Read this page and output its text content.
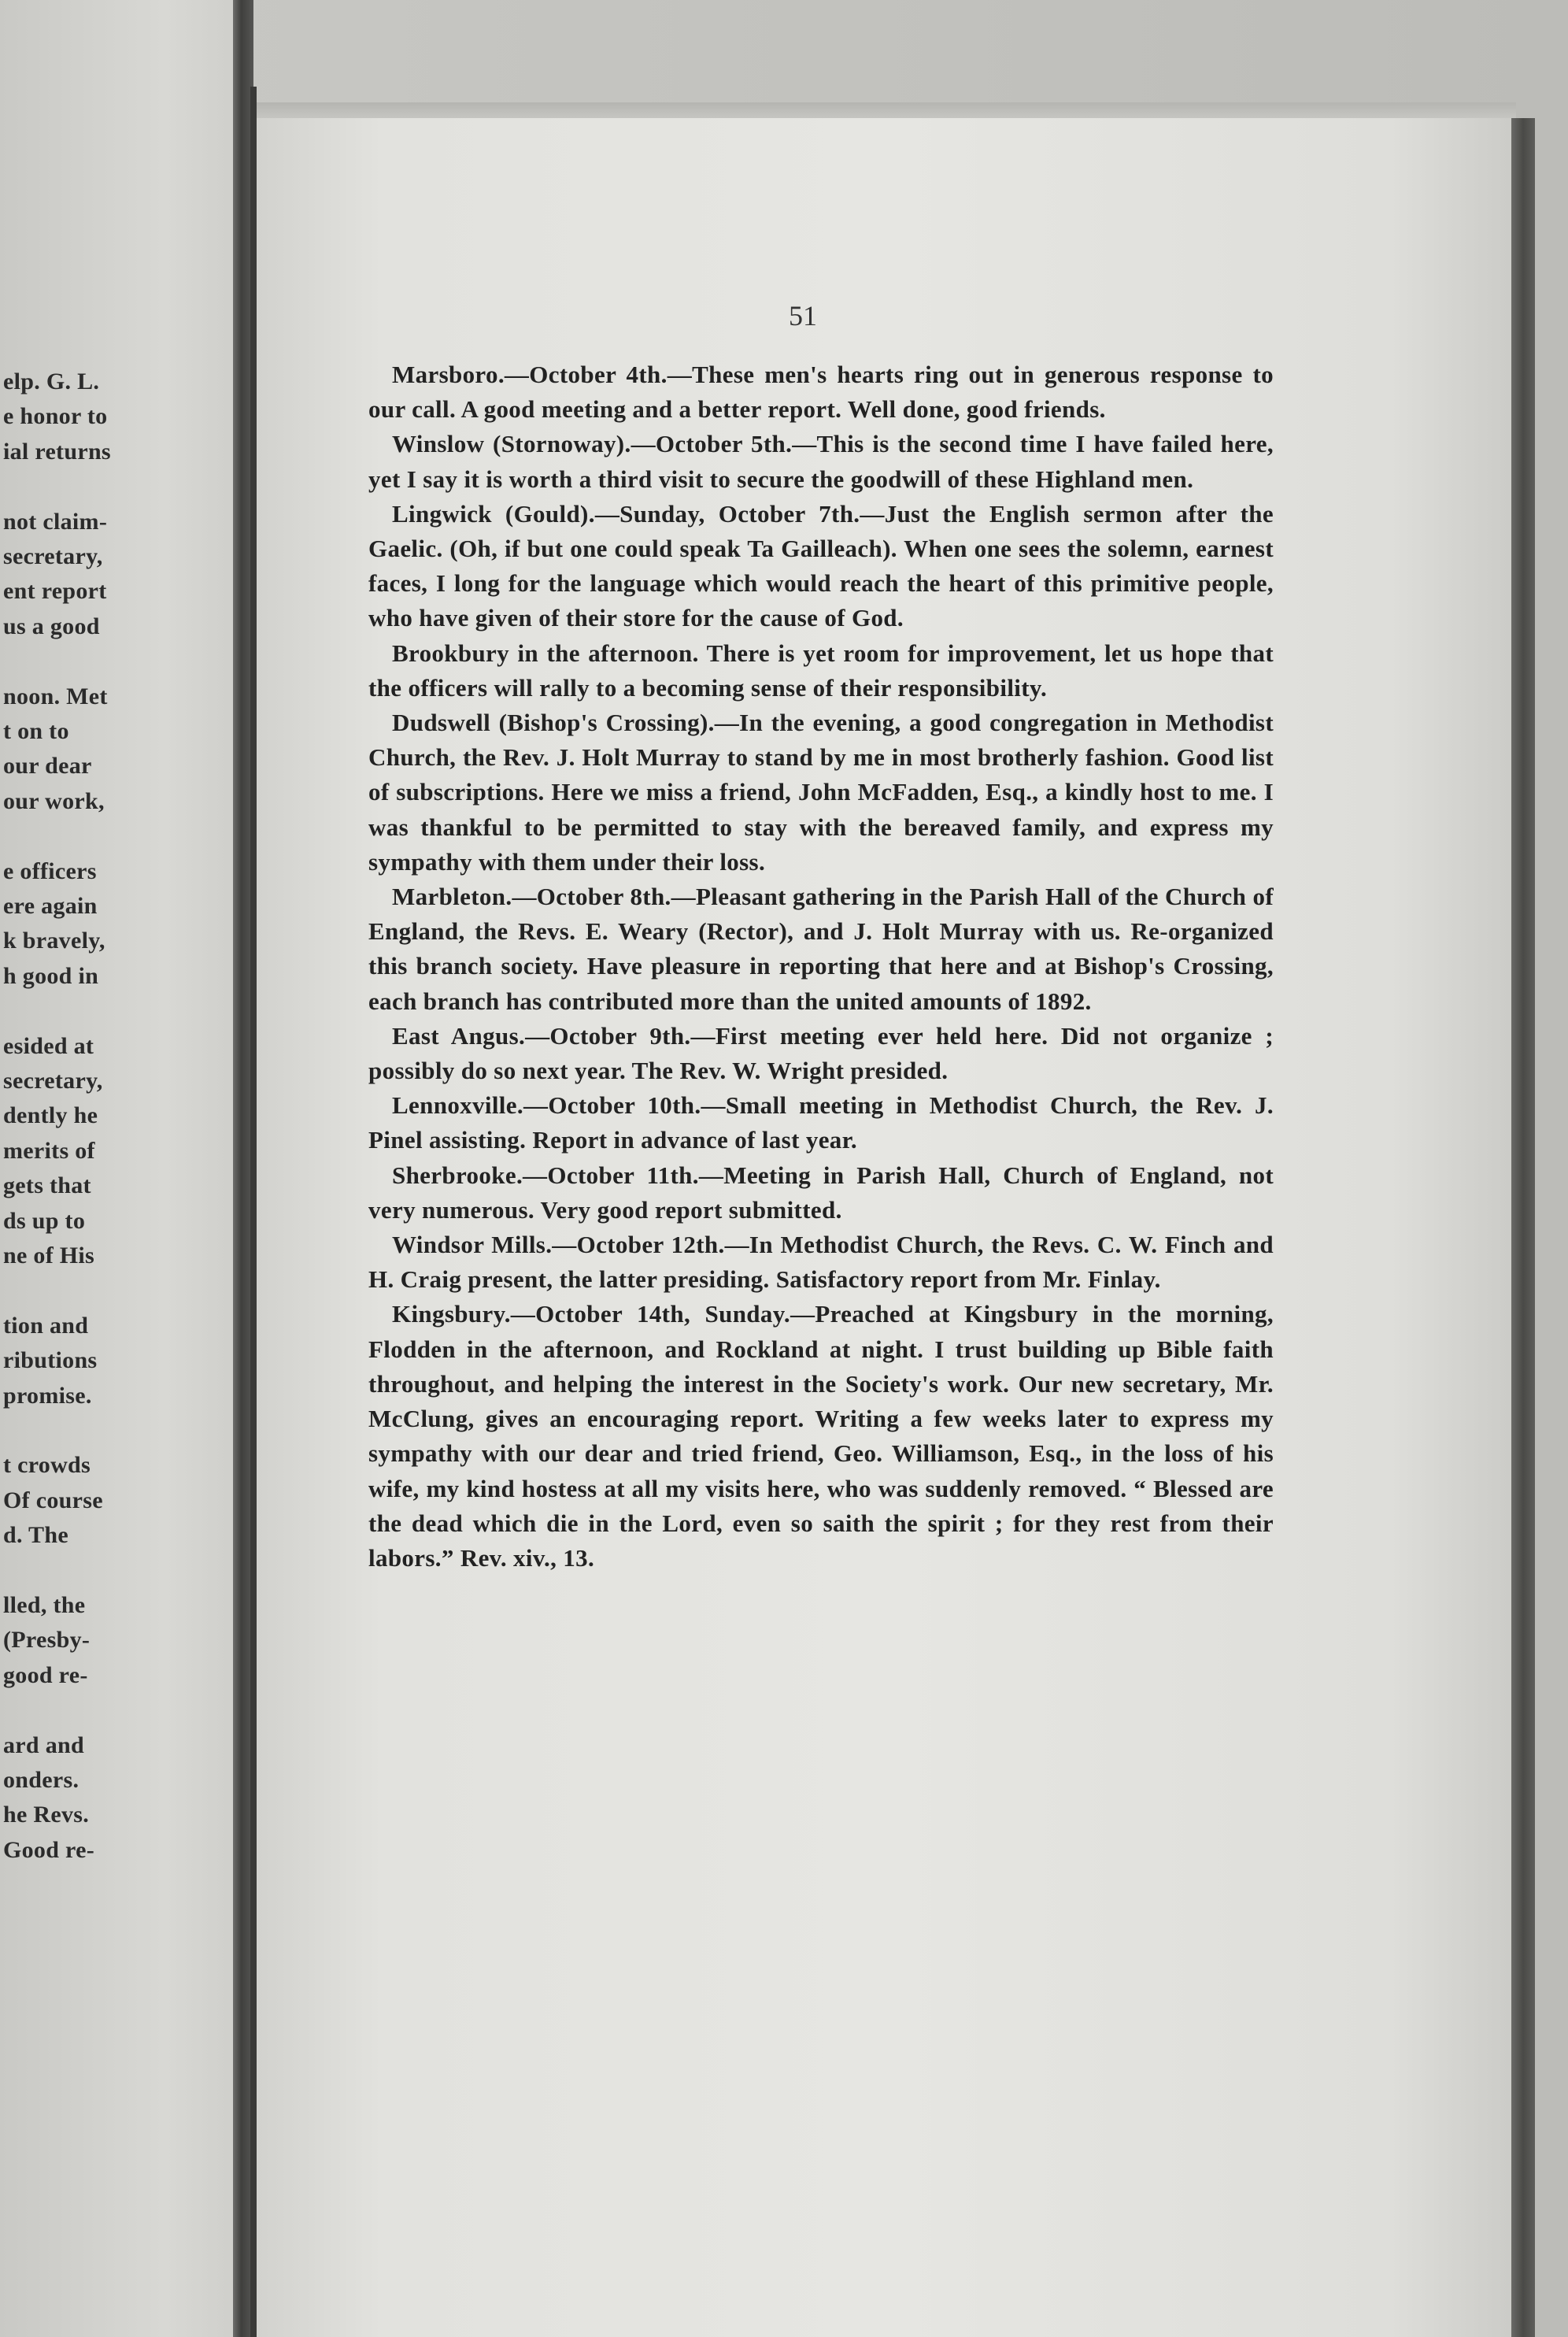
elp. G. L.
e honor to
ial returns
not claim-
secretary,
ent report
us a good
noon. Met
t on to
our dear
our work,
e officers
ere again
k bravely,
h good in
esided at
secretary,
dently he
merits of
gets that
ds up to
ne of His
tion and
ributions
promise.
t crowds
Of course
d. The
lled, the
(Presby-
good re-
ard and
onders.
he Revs.
Good re-
51

Marsboro.—October 4th.—These men's hearts ring out in generous response to our call. A good meeting and a better report. Well done, good friends.

Winslow (Stornoway).—October 5th.—This is the second time I have failed here, yet I say it is worth a third visit to secure the goodwill of these Highland men.

Lingwick (Gould).—Sunday, October 7th.—Just the English sermon after the Gaelic. (Oh, if but one could speak Ta Gailleach). When one sees the solemn, earnest faces, I long for the language which would reach the heart of this primitive people, who have given of their store for the cause of God.

Brookbury in the afternoon. There is yet room for improvement, let us hope that the officers will rally to a becoming sense of their responsibility.

Dudswell (Bishop's Crossing).—In the evening, a good congregation in Methodist Church, the Rev. J. Holt Murray to stand by me in most brotherly fashion. Good list of subscriptions. Here we miss a friend, John McFadden, Esq., a kindly host to me. I was thankful to be permitted to stay with the bereaved family, and express my sympathy with them under their loss.

Marbleton.—October 8th.—Pleasant gathering in the Parish Hall of the Church of England, the Revs. E. Weary (Rector), and J. Holt Murray with us. Re-organized this branch society. Have pleasure in reporting that here and at Bishop's Crossing, each branch has contributed more than the united amounts of 1892.

East Angus.—October 9th.—First meeting ever held here. Did not organize ; possibly do so next year. The Rev. W. Wright presided.

Lennoxville.—October 10th.—Small meeting in Methodist Church, the Rev. J. Pinel assisting. Report in advance of last year.

Sherbrooke.—October 11th.—Meeting in Parish Hall, Church of England, not very numerous. Very good report submitted.

Windsor Mills.—October 12th.—In Methodist Church, the Revs. C. W. Finch and H. Craig present, the latter presiding. Satisfactory report from Mr. Finlay.

Kingsbury.—October 14th, Sunday.—Preached at Kingsbury in the morning, Flodden in the afternoon, and Rockland at night. I trust building up Bible faith throughout, and helping the interest in the Society's work. Our new secretary, Mr. McClung, gives an encouraging report. Writing a few weeks later to express my sympathy with our dear and tried friend, Geo. Williamson, Esq., in the loss of his wife, my kind hostess at all my visits here, who was suddenly removed. “ Blessed are the dead which die in the Lord, even so saith the spirit ; for they rest from their labors.” Rev. xiv., 13.
